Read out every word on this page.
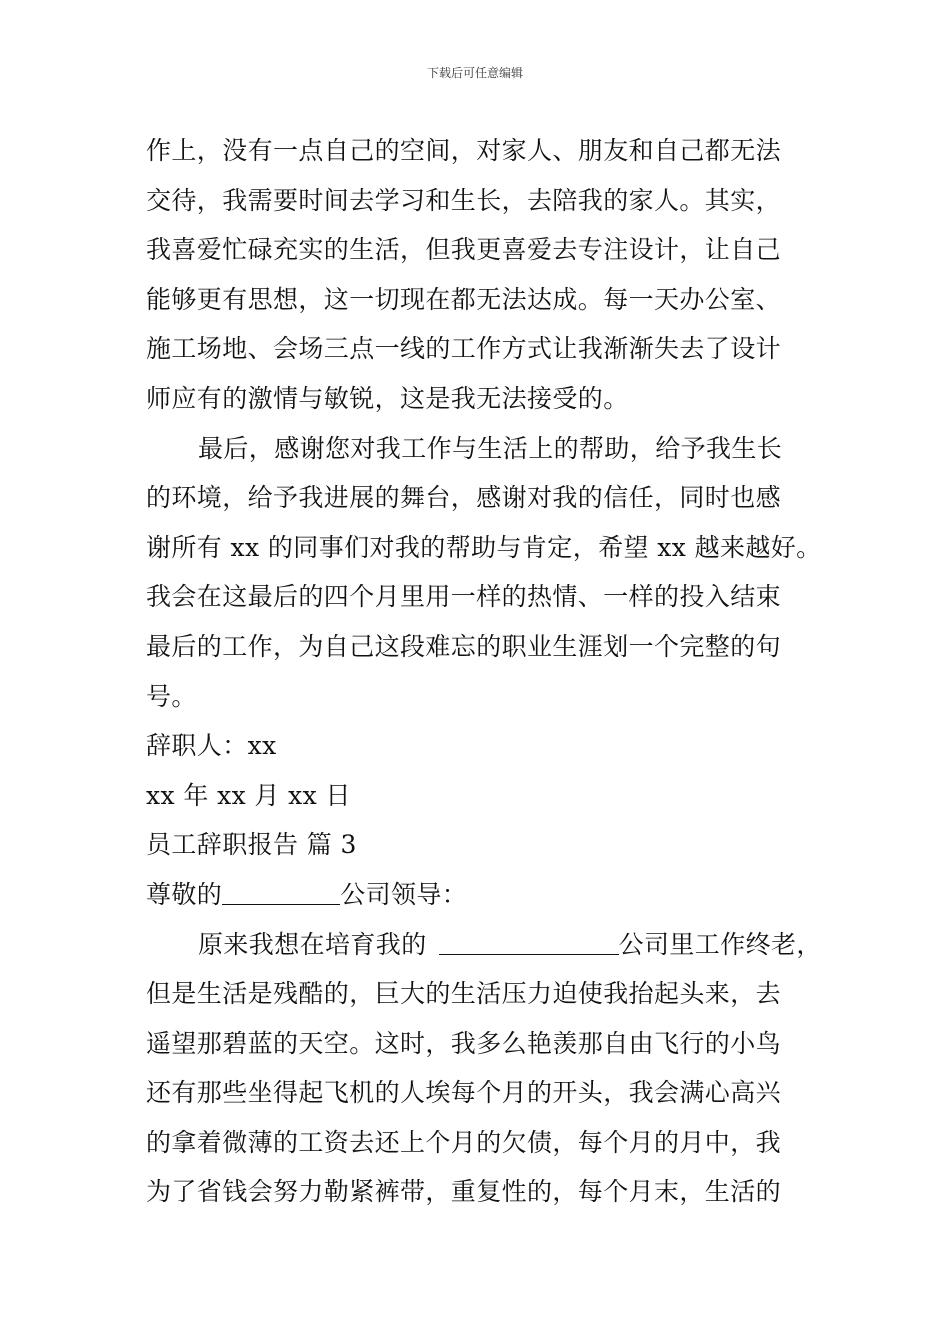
下载后可任意编辑
作上，没有一点自己的空间，对家人、朋友和自己都无法
交待，我需要时间去学习和生长，去陪我的家人。其实，
我喜爱忙碌充实的生活，但我更喜爱去专注设计，让自己
能够更有思想，这一切现在都无法达成。每一天办公室、
施工场地、会场三点一线的工作方式让我渐渐失去了设计
师应有的激情与敏锐，这是我无法接受的。
最后，感谢您对我工作与生活上的帮助，给予我生长
的环境，给予我进展的舞台，感谢对我的信任，同时也感
谢所有 xx 的同事们对我的帮助与肯定，希望 xx 越来越好。
我会在这最后的四个月里用一样的热情、一样的投入结束
最后的工作，为自己这段难忘的职业生涯划一个完整的句
号。
辞职人：xx
xx 年 xx 月 xx 日
员工辞职报告 篇 3
尊敬的	公司领导：
原来我想在培育我的	公司里工作终老，
但是生活是残酷的，巨大的生活压力迫使我抬起头来，去
遥望那碧蓝的天空。这时，我多么艳羡那自由飞行的小鸟
还有那些坐得起飞机的人埃每个月的开头，我会满心高兴
的拿着微薄的工资去还上个月的欠债，每个月的月中，我
为了省钱会努力勒紧裤带，重复性的，每个月末，生活的
